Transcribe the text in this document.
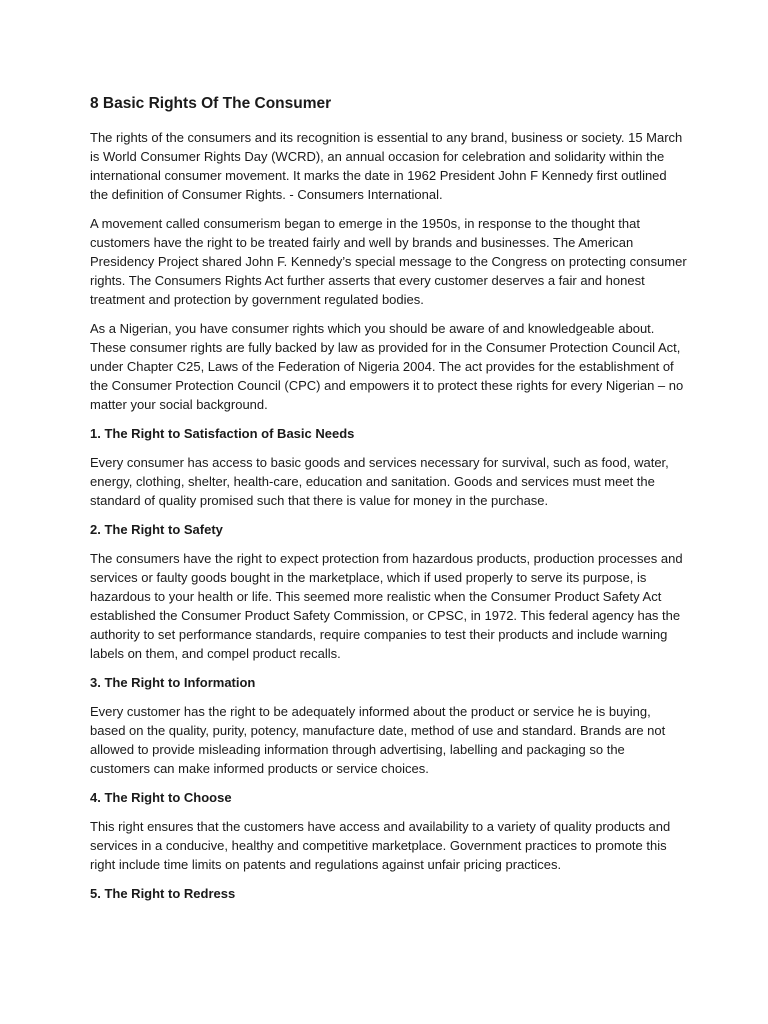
8 Basic Rights Of The Consumer

The rights of the consumers and its recognition is essential to any brand, business or society. 15 March is World Consumer Rights Day (WCRD), an annual occasion for celebration and solidarity within the international consumer movement. It marks the date in 1962 President John F Kennedy first outlined the definition of Consumer Rights. - Consumers International.

A movement called consumerism began to emerge in the 1950s, in response to the thought that customers have the right to be treated fairly and well by brands and businesses. The American Presidency Project shared John F. Kennedy’s special message to the Congress on protecting consumer rights. The Consumers Rights Act further asserts that every customer deserves a fair and honest treatment and protection by government regulated bodies.

As a Nigerian, you have consumer rights which you should be aware of and knowledgeable about. These consumer rights are fully backed by law as provided for in the Consumer Protection Council Act, under Chapter C25, Laws of the Federation of Nigeria 2004. The act provides for the establishment of the Consumer Protection Council (CPC) and empowers it to protect these rights for every Nigerian – no matter your social background.

1. The Right to Satisfaction of Basic Needs

Every consumer has access to basic goods and services necessary for survival, such as food, water, energy, clothing, shelter, health-care, education and sanitation. Goods and services must meet the standard of quality promised such that there is value for money in the purchase.

2. The Right to Safety

The consumers have the right to expect protection from hazardous products, production processes and services or faulty goods bought in the marketplace, which if used properly to serve its purpose, is hazardous to your health or life. This seemed more realistic when the Consumer Product Safety Act established the Consumer Product Safety Commission, or CPSC, in 1972. This federal agency has the authority to set performance standards, require companies to test their products and include warning labels on them, and compel product recalls.

3. The Right to Information

Every customer has the right to be adequately informed about the product or service he is buying, based on the quality, purity, potency, manufacture date, method of use and standard. Brands are not allowed to provide misleading information through advertising, labelling and packaging so the customers can make informed products or service choices.

4. The Right to Choose

This right ensures that the customers have access and availability to a variety of quality products and services in a conducive, healthy and competitive marketplace. Government practices to promote this right include time limits on patents and regulations against unfair pricing practices.

5. The Right to Redress
